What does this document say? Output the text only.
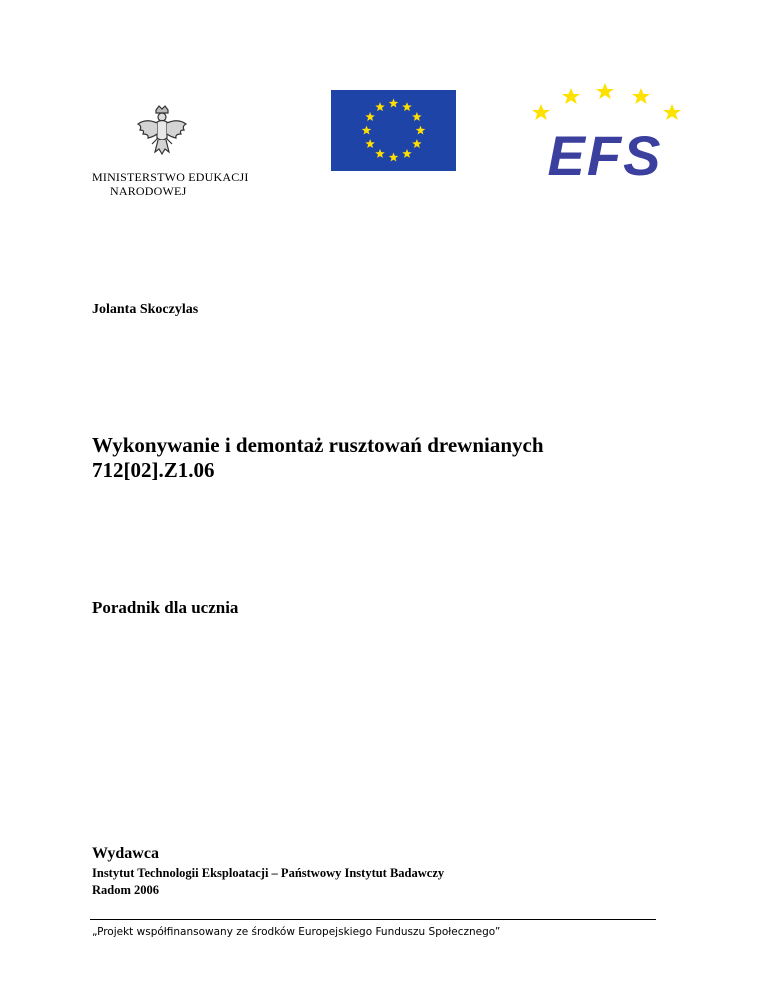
MINISTERSTWO EDUKACJI
NARODOWEJ
EFS
Jolanta Skoczylas
Wykonywanie i demontaż rusztowań drewnianych
712[02].Z1.06
Poradnik dla ucznia
Wydawca
Instytut Technologii Eksploatacji – Państwowy Instytut Badawczy
Radom 2006
„Projekt współfinansowany ze środków Europejskiego Funduszu Społecznego”
